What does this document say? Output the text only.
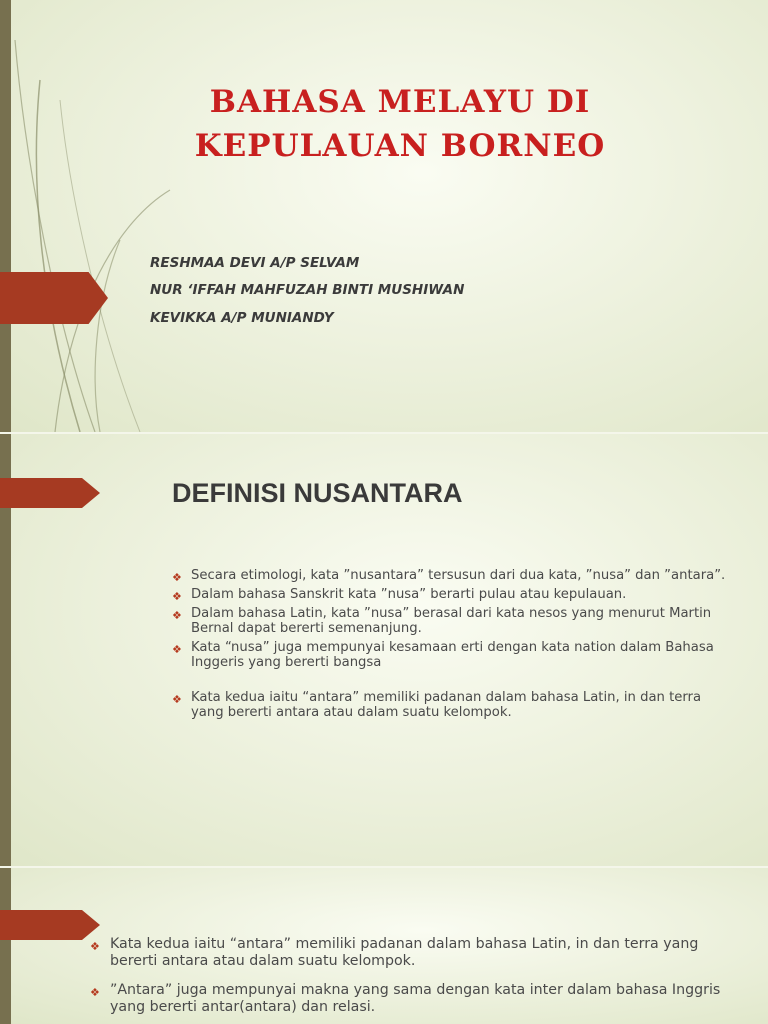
BAHASA MELAYU DI
KEPULAUAN BORNEO

RESHMAA DEVI A/P SELVAM

NUR ‘IFFAH MAHFUZAH BINTI MUSHIWAN

KEVIKKA A/P MUNIANDY

DEFINISI NUSANTARA
❖ Secara etimologi, kata ”nusantara” tersusun dari dua kata, ”nusa” dan ”antara”.
❖ Dalam bahasa Sanskrit kata ”nusa” berarti pulau atau kepulauan.
❖ Dalam bahasa Latin, kata ”nusa” berasal dari kata nesos yang menurut Martin Bernal dapat bererti semenanjung.
❖ Kata “nusa” juga mempunyai kesamaan erti dengan kata nation dalam Bahasa Inggeris yang bererti bangsa
❖ Kata kedua iaitu “antara” memiliki padanan dalam bahasa Latin, in dan terra yang bererti antara atau dalam suatu kelompok.
❖ Kata kedua iaitu “antara” memiliki padanan dalam bahasa Latin, in dan terra yang bererti antara atau dalam suatu kelompok.
❖ ”Antara” juga mempunyai makna yang sama dengan kata inter dalam bahasa Inggris yang bererti antar(antara) dan relasi.
